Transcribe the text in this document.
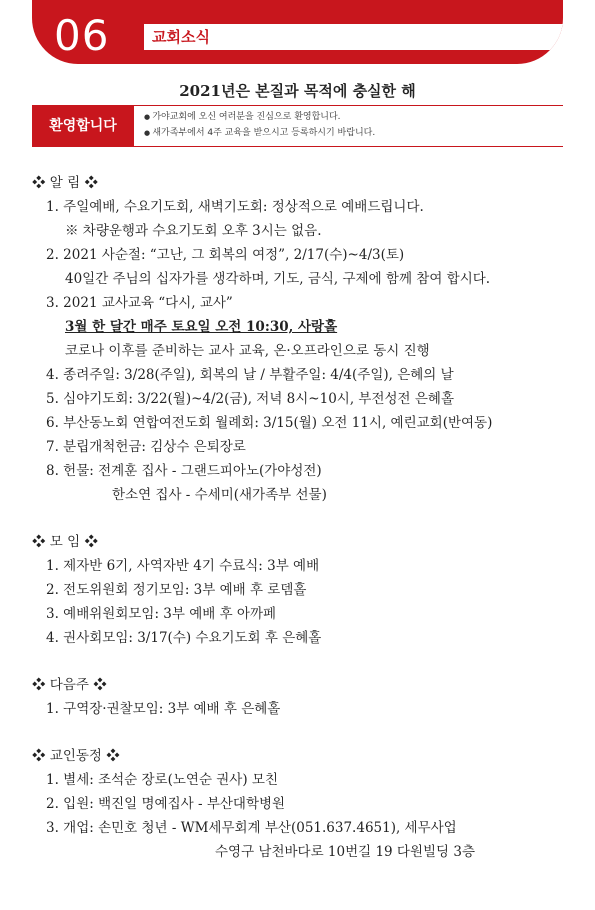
06	교회소식
2021년은 본질과 목적에 충실한 해
환영합니다
● 가야교회에 오신 여러분을 진심으로 환영합니다.
● 새가족부에서 4주 교육을 받으시고 등록하시기 바랍니다.
❖ 알 림 ❖
1. 주일예배, 수요기도회, 새벽기도회: 정상적으로 예배드립니다.
※ 차량운행과 수요기도회 오후 3시는 없음.
2. 2021 사순절: “고난, 그 회복의 여정”, 2/17(수)~4/3(토)
40일간 주님의 십자가를 생각하며, 기도, 금식, 구제에 함께 참여 합시다.
3. 2021 교사교육 “다시, 교사”
3월 한 달간 매주 토요일 오전 10:30, 사랑홀
코로나 이후를 준비하는 교사 교육, 온·오프라인으로 동시 진행
4. 종려주일: 3/28(주일), 회복의 날 / 부활주일: 4/4(주일), 은혜의 날
5. 심야기도회: 3/22(월)~4/2(금), 저녁 8시~10시, 부전성전 은혜홀
6. 부산동노회 연합여전도회 월례회: 3/15(월) 오전 11시, 예린교회(반여동)
7. 분립개척헌금: 김상수 은퇴장로
8. 헌물: 전계훈 집사 - 그랜드피아노(가야성전)
한소연 집사 - 수세미(새가족부 선물)
❖ 모 임 ❖
1. 제자반 6기, 사역자반 4기 수료식: 3부 예배
2. 전도위원회 정기모임: 3부 예배 후 로뎀홀
3. 예배위원회모임: 3부 예배 후 아까페
4. 권사회모임: 3/17(수) 수요기도회 후 은혜홀
❖ 다음주 ❖
1. 구역장·권찰모임: 3부 예배 후 은혜홀
❖ 교인동정 ❖
1. 별세: 조석순 장로(노연순 권사) 모친
2. 입원: 백진일 명예집사 - 부산대학병원
3. 개업: 손민호 청년 - WM세무회계 부산(051.637.4651), 세무사업
수영구 남천바다로 10번길 19 다원빌딩 3층
